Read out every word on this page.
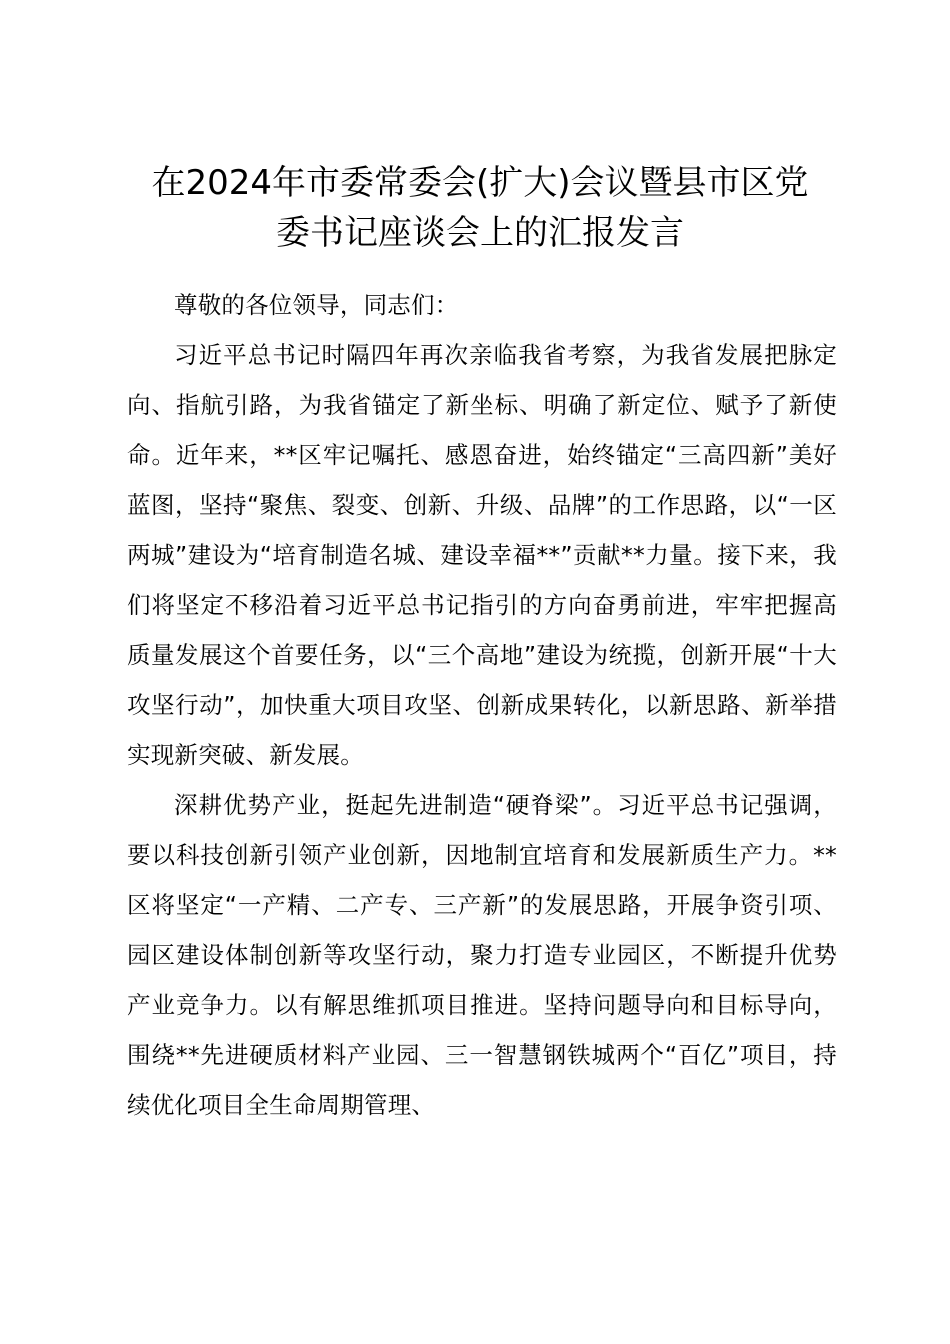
在2024年市委常委会(扩大)会议暨县市区党
委书记座谈会上的汇报发言

尊敬的各位领导，同志们：

习近平总书记时隔四年再次亲临我省考察，为我省发展把脉定向、指航引路，为我省锚定了新坐标、明确了新定位、赋予了新使命。近年来，**区牢记嘱托、感恩奋进，始终锚定“三高四新”美好蓝图，坚持“聚焦、裂变、创新、升级、品牌”的工作思路，以“一区两城”建设为“培育制造名城、建设幸福**”贡献**力量。接下来，我们将坚定不移沿着习近平总书记指引的方向奋勇前进，牢牢把握高质量发展这个首要任务，以“三个高地”建设为统揽，创新开展“十大攻坚行动”，加快重大项目攻坚、创新成果转化，以新思路、新举措实现新突破、新发展。

深耕优势产业，挺起先进制造“硬脊梁”。习近平总书记强调，要以科技创新引领产业创新，因地制宜培育和发展新质生产力。**区将坚定“一产精、二产专、三产新”的发展思路，开展争资引项、园区建设体制创新等攻坚行动，聚力打造专业园区，不断提升优势产业竞争力。以有解思维抓项目推进。坚持问题导向和目标导向，围绕**先进硬质材料产业园、三一智慧钢铁城两个“百亿”项目，持续优化项目全生命周期管理、
